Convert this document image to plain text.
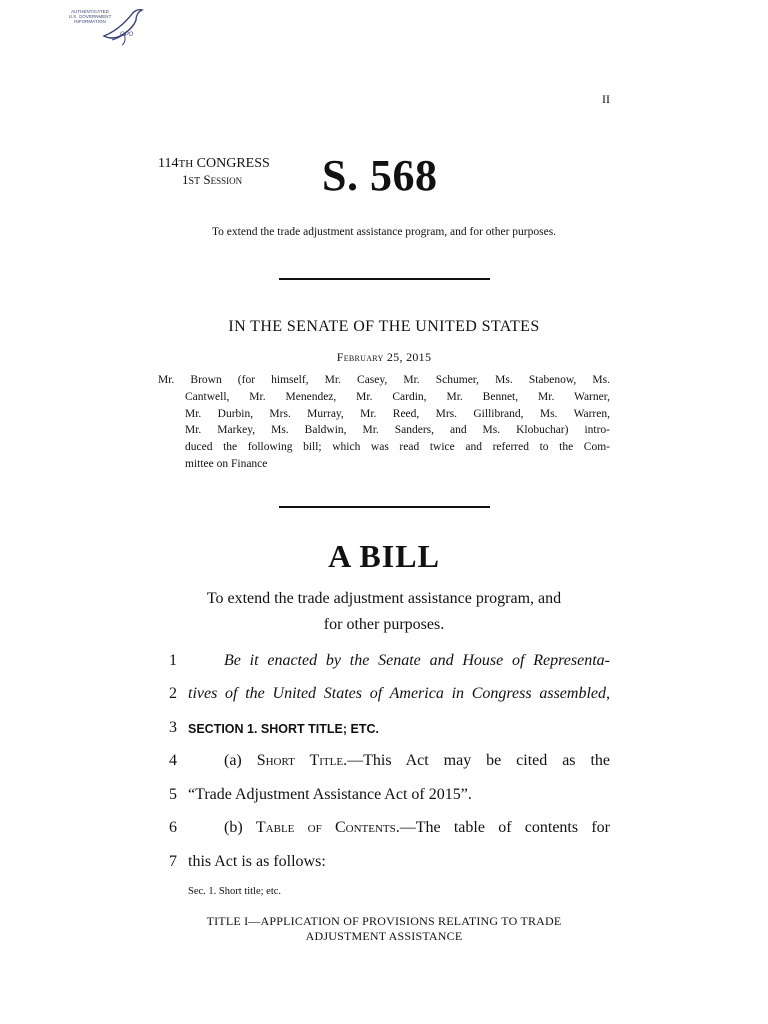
AUTHENTICATED
U.S. GOVERNMENT
INFORMATION
GPO
II
114TH CONGRESS
1ST Session S. 568
To extend the trade adjustment assistance program, and for other purposes.
IN THE SENATE OF THE UNITED STATES
February 25, 2015
Mr. Brown (for himself, Mr. Casey, Mr. Schumer, Ms. Stabenow, Ms.
Cantwell, Mr. Menendez, Mr. Cardin, Mr. Bennet, Mr. Warner,
Mr. Durbin, Mrs. Murray, Mr. Reed, Mrs. Gillibrand, Ms. Warren,
Mr. Markey, Ms. Baldwin, Mr. Sanders, and Ms. Klobuchar) intro-
duced the following bill; which was read twice and referred to the Com-
mittee on Finance
A BILL
To extend the trade adjustment assistance program, and
for other purposes.
1	Be it enacted by the Senate and House of Representa-
2 tives of the United States of America in Congress assembled,
3 SECTION 1. SHORT TITLE; ETC.
4	(a) Short Title.—This Act may be cited as the
5 “Trade Adjustment Assistance Act of 2015”.
6	(b) Table of Contents.—The table of contents for
7 this Act is as follows:
Sec. 1. Short title; etc.
TITLE I—APPLICATION OF PROVISIONS RELATING TO TRADE
ADJUSTMENT ASSISTANCE
